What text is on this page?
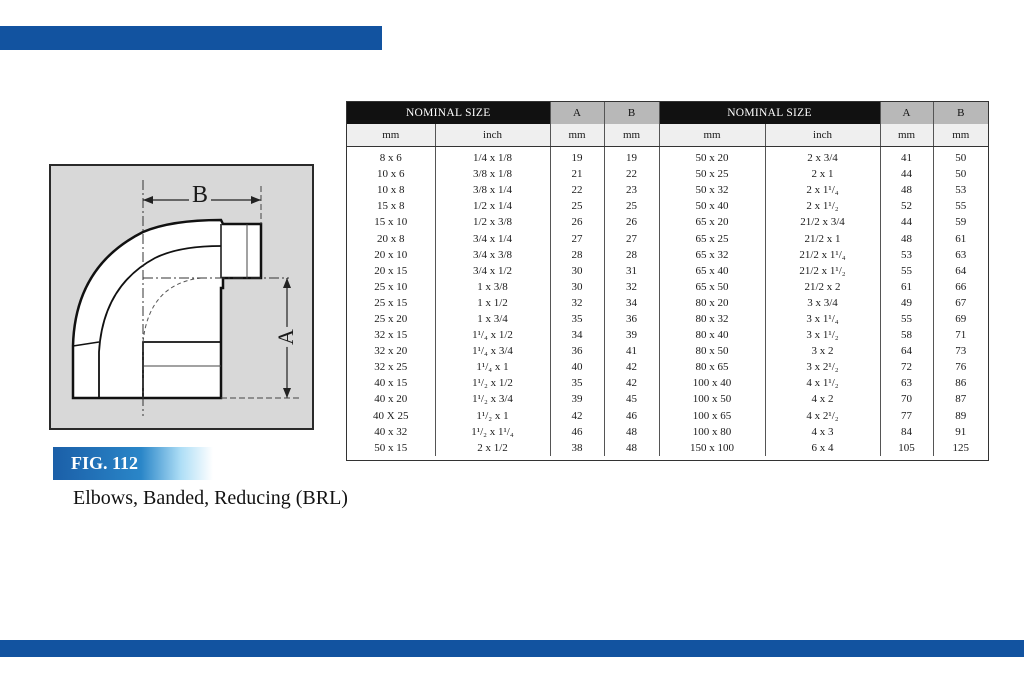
B
A
FIG. 112
Elbows, Banded, Reducing (BRL)
NOMINAL SIZE		A	B	NOMINAL SIZE		A	B
mm	inch	mm	mm	mm	inch	mm	mm
8 x 6	1/4 x 1/8	19	19	50 x 20	2 x 3/4	41	50
10 x 6	3/8 x 1/8	21	22	50 x 25	2 x 1	44	50
10 x 8	3/8 x 1/4	22	23	50 x 32	2 x 1¹/₄	48	53
15 x 8	1/2 x 1/4	25	25	50 x 40	2 x 1¹/₂	52	55
15 x 10	1/2 x 3/8	26	26	65 x 20	21/2 x 3/4	44	59
20 x 8	3/4 x 1/4	27	27	65 x 25	21/2 x 1	48	61
20 x 10	3/4 x 3/8	28	28	65 x 32	21/2 x 1¹/₄	53	63
20 x 15	3/4 x 1/2	30	31	65 x 40	21/2 x 1¹/₂	55	64
25 x 10	1 x 3/8	30	32	65 x 50	21/2 x 2	61	66
25 x 15	1 x 1/2	32	34	80 x 20	3 x 3/4	49	67
25 x 20	1 x 3/4	35	36	80 x 32	3 x 1¹/₄	55	69
32 x 15	1¹/₄ x 1/2	34	39	80 x 40	3 x 1¹/₂	58	71
32 x 20	1¹/₄ x 3/4	36	41	80 x 50	3 x 2	64	73
32 x 25	1¹/₄ x 1	40	42	80 x 65	3 x 2¹/₂	72	76
40 x 15	1¹/₂ x 1/2	35	42	100 x 40	4 x 1¹/₂	63	86
40 x 20	1¹/₂ x 3/4	39	45	100 x 50	4 x 2	70	87
40 X 25	1¹/₂ x 1	42	46	100 x 65	4 x 2¹/₂	77	89
40 x 32	1¹/₂ x 1¹/₄	46	48	100 x 80	4 x 3	84	91
50 x 15	2 x 1/2	38	48	150 x 100	6 x 4	105	125
